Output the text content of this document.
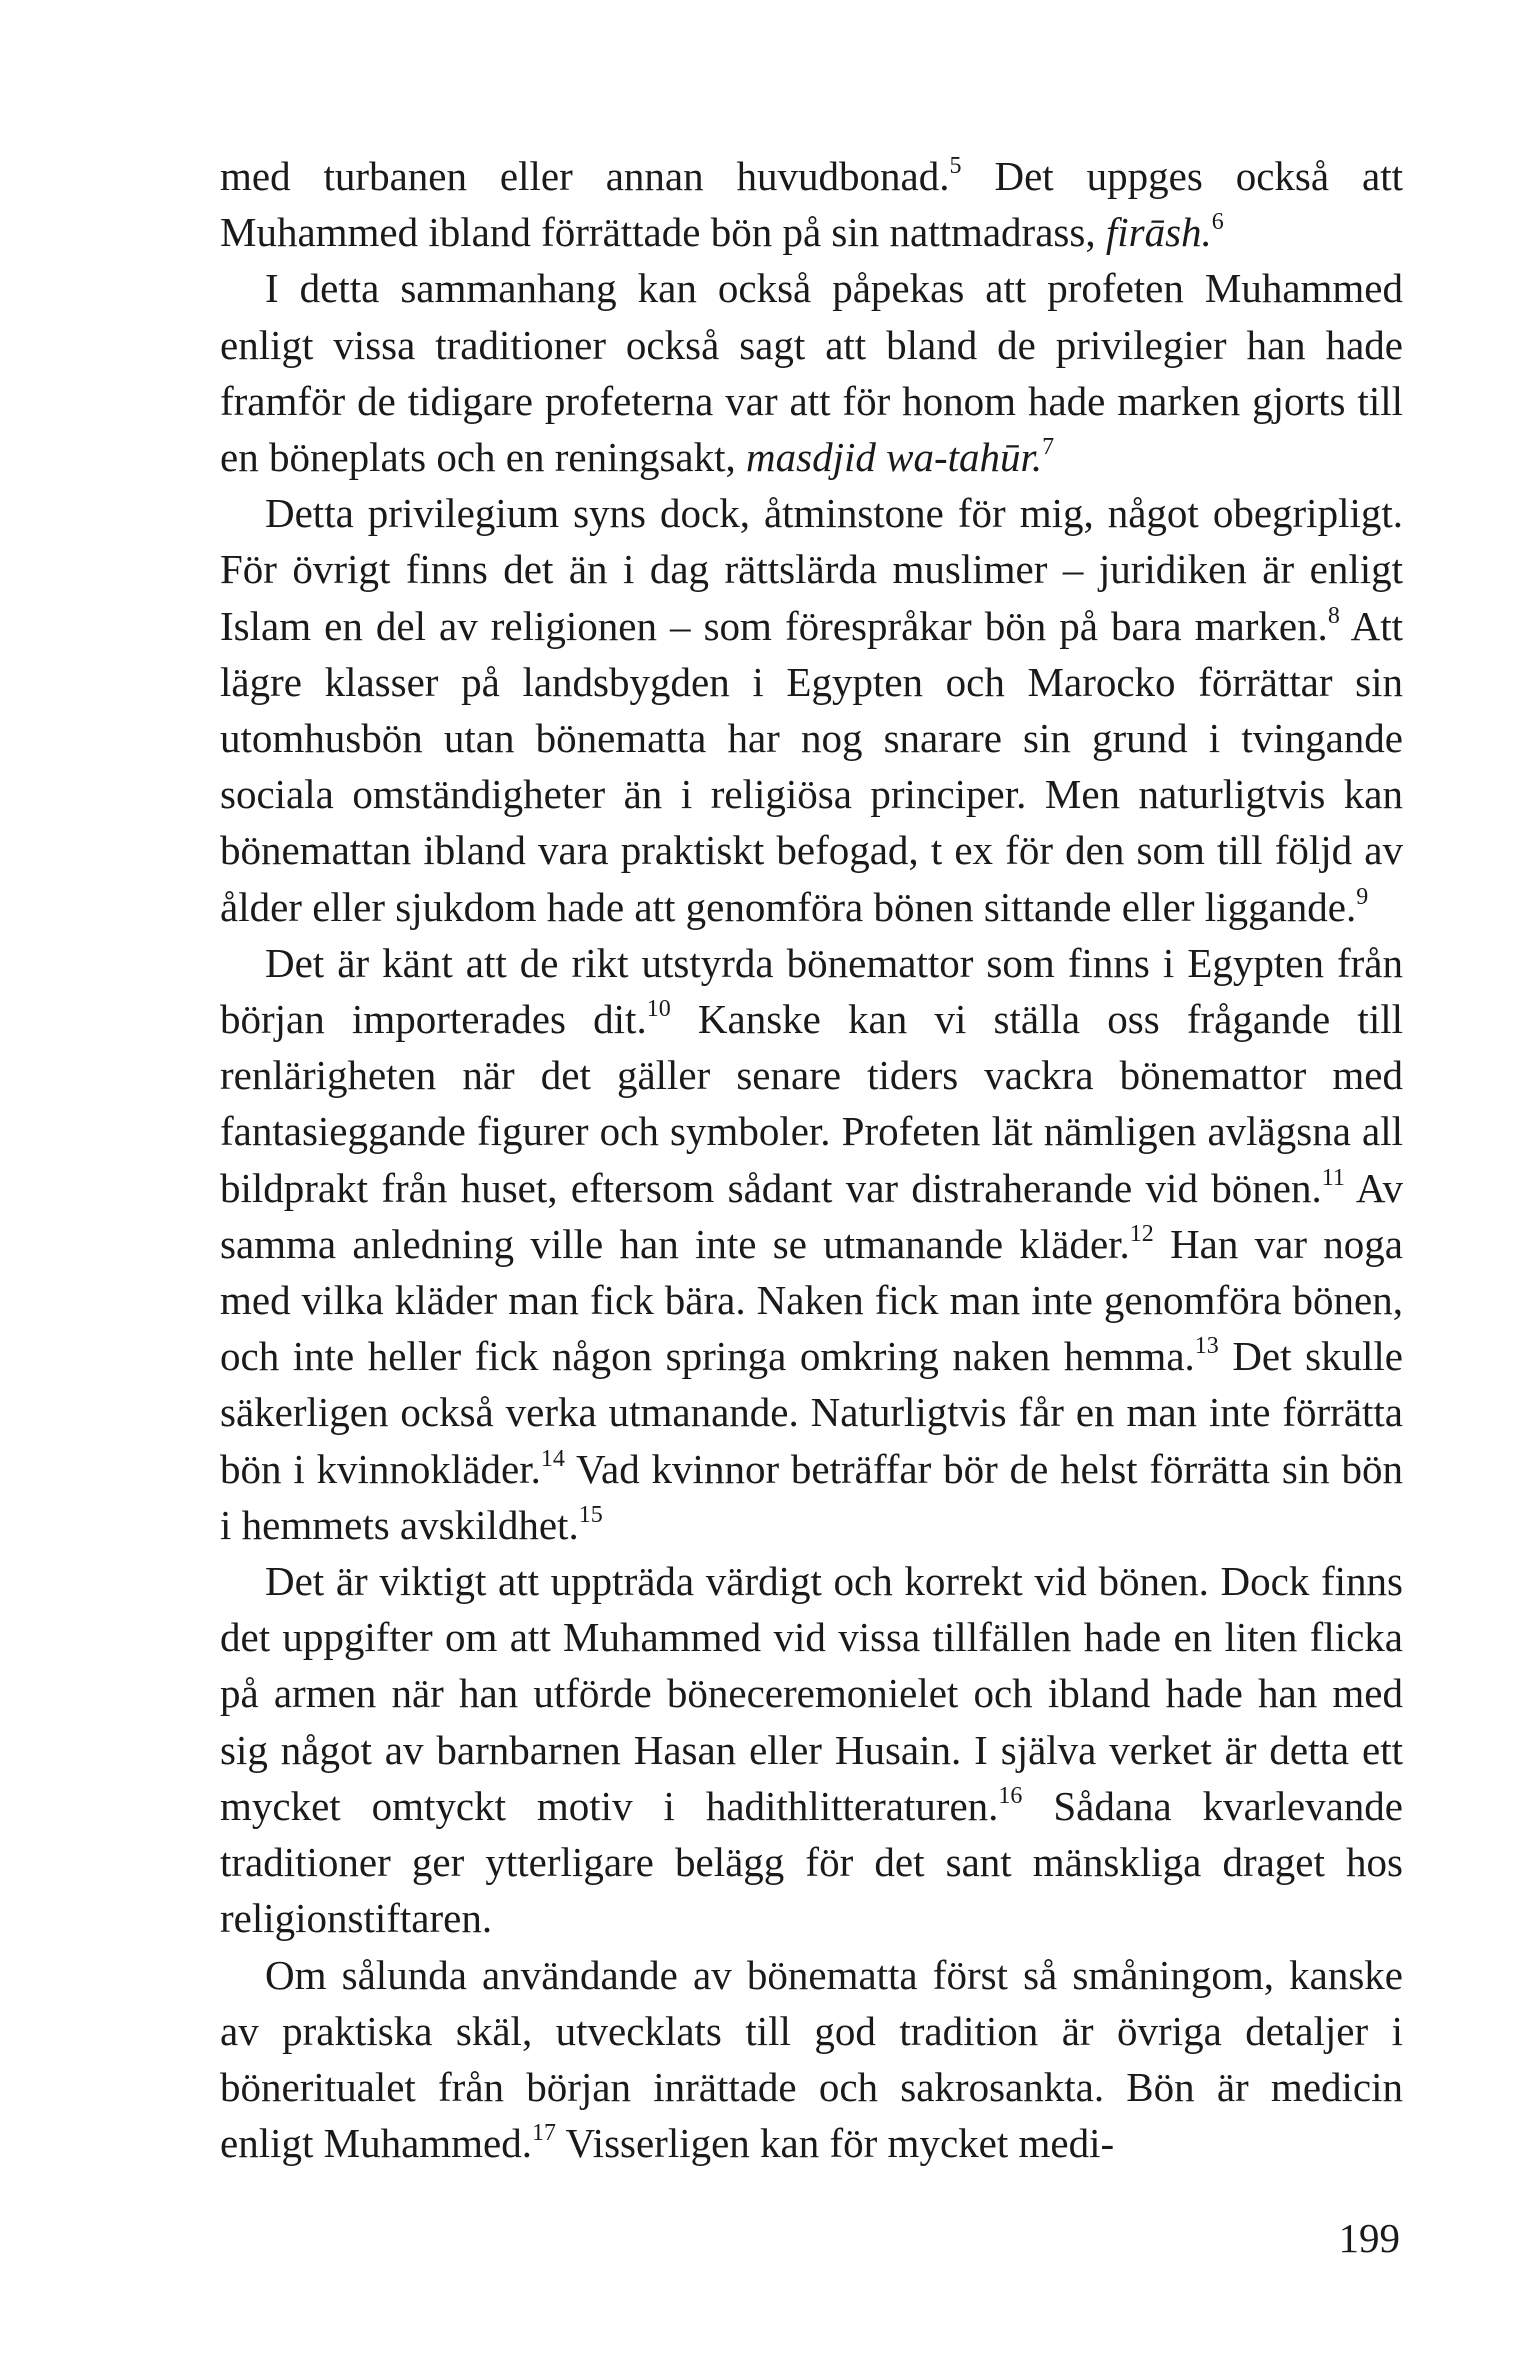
med turbanen eller annan huvudbonad.$^5$ Det uppges också att Muhammed ibland förrättade bön på sin nattmadrass, firāsh.$^6$

I detta sammanhang kan också påpekas att profeten Muhammed enligt vissa traditioner också sagt att bland de privilegier han hade framför de tidigare profeterna var att för honom hade marken gjorts till en böneplats och en reningsakt, masdjid wa-tahūr.$^7$

Detta privilegium syns dock, åtminstone för mig, något obegripligt. För övrigt finns det än i dag rättslärda muslimer – juridiken är enligt Islam en del av religionen – som förespråkar bön på bara marken.$^8$ Att lägre klasser på landsbygden i Egypten och Marocko förrättar sin utomhusbön utan bönematta har nog snarare sin grund i tvingande sociala omständigheter än i religiösa principer. Men naturligtvis kan bönemattan ibland vara praktiskt befogad, t ex för den som till följd av ålder eller sjukdom hade att genomföra bönen sittande eller liggande.$^9$

Det är känt att de rikt utstyrda bönemattor som finns i Egypten från början importerades dit.$^{10}$ Kanske kan vi ställa oss frågande till renlärigheten när det gäller senare tiders vackra bönemattor med fantasieggande figurer och symboler. Profeten lät nämligen avlägsna all bildprakt från huset, eftersom sådant var distraherande vid bönen.$^{11}$ Av samma anledning ville han inte se utmanande kläder.$^{12}$ Han var noga med vilka kläder man fick bära. Naken fick man inte genomföra bönen, och inte heller fick någon springa omkring naken hemma.$^{13}$ Det skulle säkerligen också verka utmanande. Naturligtvis får en man inte förrätta bön i kvinnokläder.$^{14}$ Vad kvinnor beträffar bör de helst förrätta sin bön i hemmets avskildhet.$^{15}$

Det är viktigt att uppträda värdigt och korrekt vid bönen. Dock finns det uppgifter om att Muhammed vid vissa tillfällen hade en liten flicka på armen när han utförde böneceremonielet och ibland hade han med sig något av barnbarnen Hasan eller Husain. I själva verket är detta ett mycket omtyckt motiv i hadithlitteraturen.$^{16}$ Sådana kvarlevande traditioner ger ytterligare belägg för det sant mänskliga draget hos religionstiftaren.

Om sålunda användande av bönematta först så småningom, kanske av praktiska skäl, utvecklats till god tradition är övriga detaljer i böneritualet från början inrättade och sakrosankta. Bön är medicin enligt Muhammed.$^{17}$ Visserligen kan för mycket medi-

199
